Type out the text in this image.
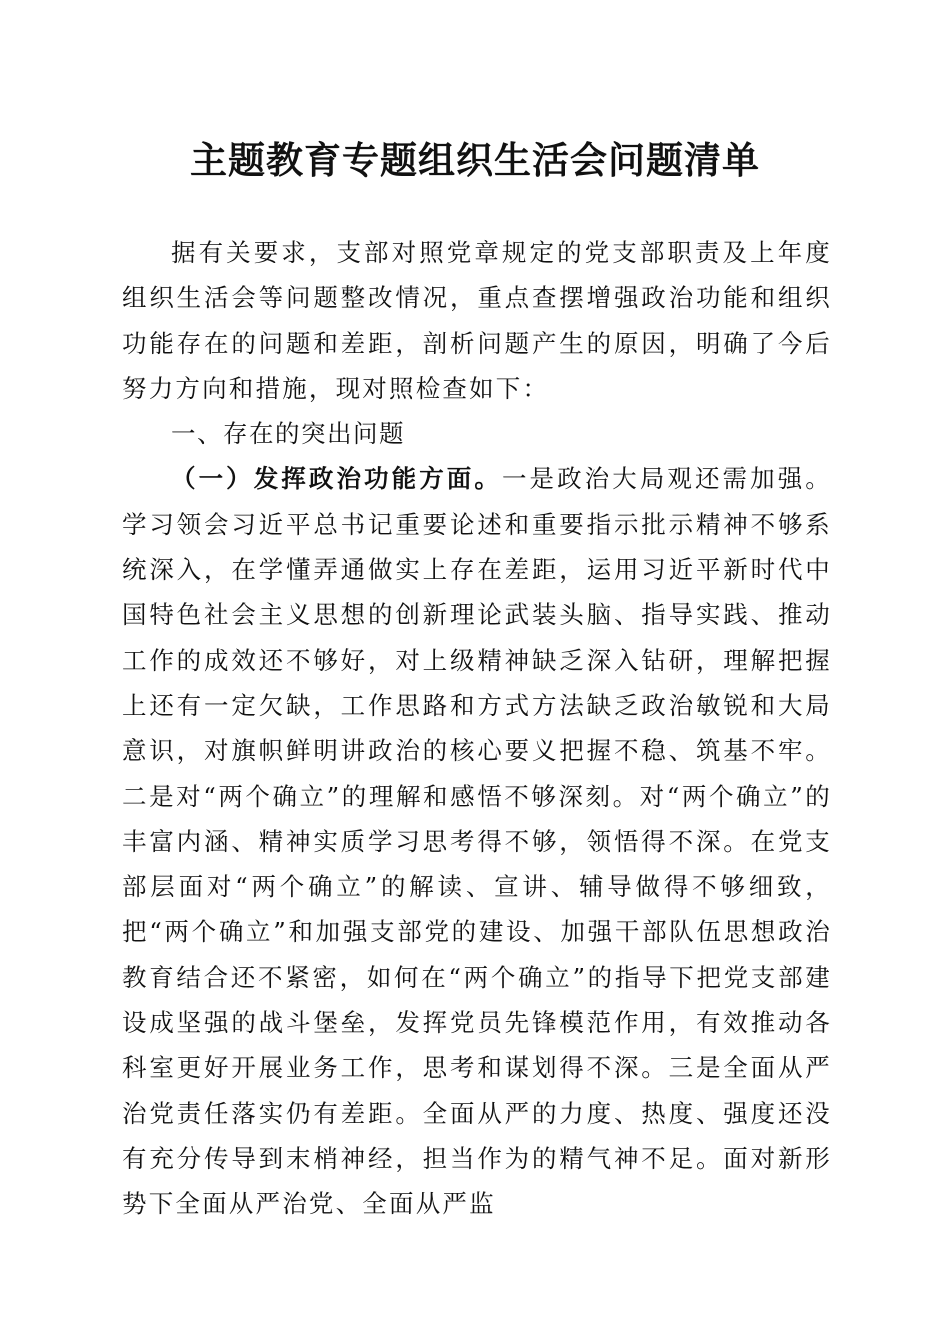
主题教育专题组织生活会问题清单

据有关要求，支部对照党章规定的党支部职责及上年度组织生活会等问题整改情况，重点查摆增强政治功能和组织功能存在的问题和差距，剖析问题产生的原因，明确了今后努力方向和措施，现对照检查如下：

一、存在的突出问题

（一）发挥政治功能方面。一是政治大局观还需加强。学习领会习近平总书记重要论述和重要指示批示精神不够系统深入，在学懂弄通做实上存在差距，运用习近平新时代中国特色社会主义思想的创新理论武装头脑、指导实践、推动工作的成效还不够好，对上级精神缺乏深入钻研，理解把握上还有一定欠缺，工作思路和方式方法缺乏政治敏锐和大局意识，对旗帜鲜明讲政治的核心要义把握不稳、筑基不牢。二是对“两个确立”的理解和感悟不够深刻。对“两个确立”的丰富内涵、精神实质学习思考得不够，领悟得不深。在党支部层面对“两个确立”的解读、宣讲、辅导做得不够细致，把“两个确立”和加强支部党的建设、加强干部队伍思想政治教育结合还不紧密，如何在“两个确立”的指导下把党支部建设成坚强的战斗堡垒，发挥党员先锋模范作用，有效推动各科室更好开展业务工作，思考和谋划得不深。三是全面从严治党责任落实仍有差距。全面从严的力度、热度、强度还没有充分传导到末梢神经，担当作为的精气神不足。面对新形势下全面从严治党、全面从严监
